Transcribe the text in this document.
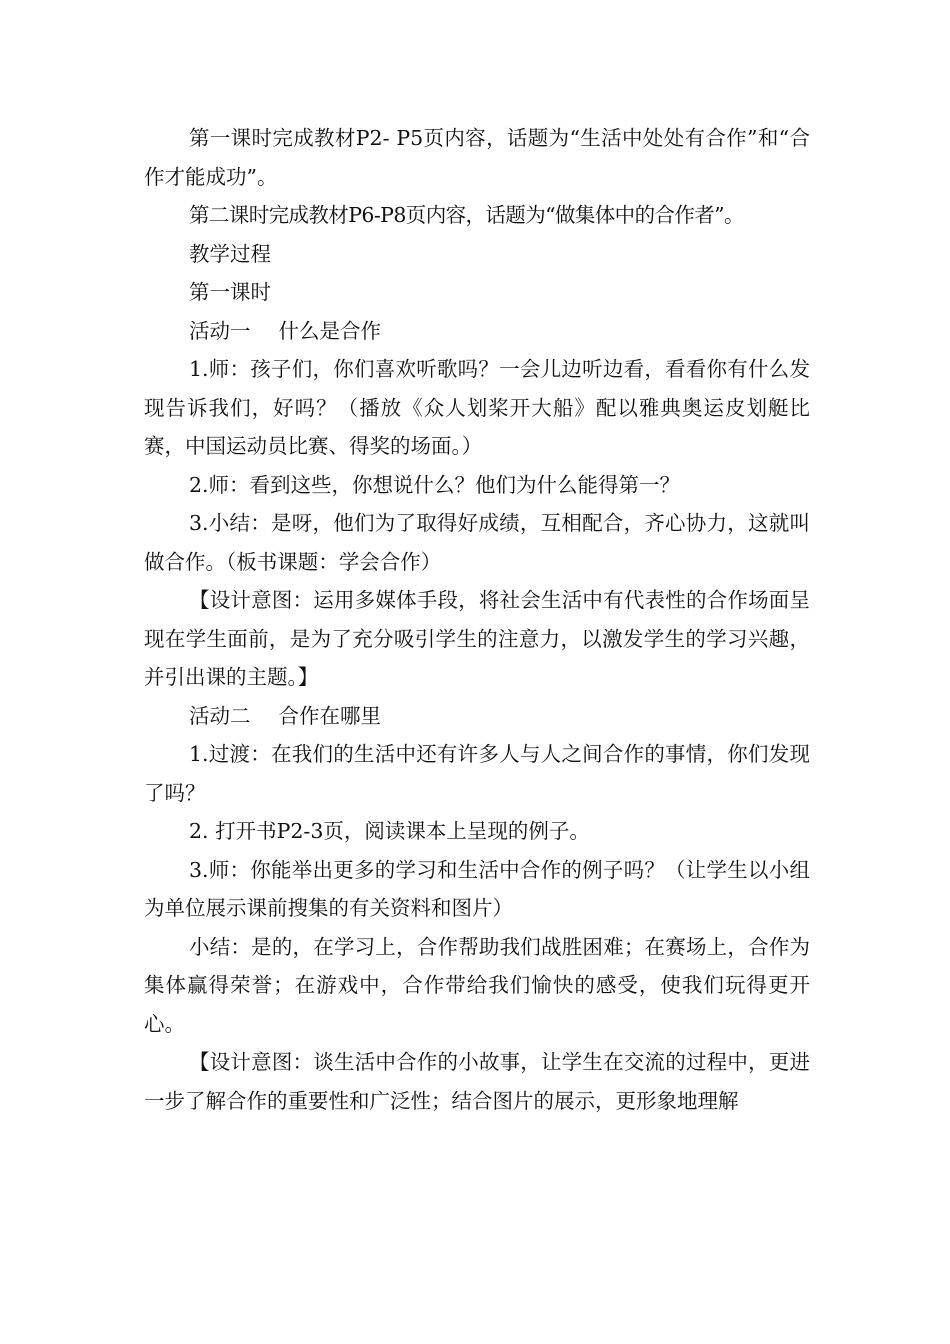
第一课时完成教材P2- P5页内容，话题为“生活中处处有合作”和“合作才能成功”。

第二课时完成教材P6-P8页内容，话题为“做集体中的合作者”。

教学过程

第一课时

活动一 什么是合作

1.师：孩子们，你们喜欢听歌吗？一会儿边听边看，看看你有什么发现告诉我们，好吗？（播放《众人划桨开大船》配以雅典奥运皮划艇比赛，中国运动员比赛、得奖的场面。）

2.师：看到这些，你想说什么？他们为什么能得第一？

3.小结：是呀，他们为了取得好成绩，互相配合，齐心协力，这就叫做合作。（板书课题：学会合作）

【设计意图：运用多媒体手段，将社会生活中有代表性的合作场面呈现在学生面前，是为了充分吸引学生的注意力，以激发学生的学习兴趣，并引出课的主题。】

活动二 合作在哪里

1.过渡：在我们的生活中还有许多人与人之间合作的事情，你们发现了吗？

2. 打开书P2-3页，阅读课本上呈现的例子。

3.师：你能举出更多的学习和生活中合作的例子吗？（让学生以小组为单位展示课前搜集的有关资料和图片）

小结：是的，在学习上，合作帮助我们战胜困难；在赛场上，合作为集体赢得荣誉；在游戏中，合作带给我们愉快的感受，使我们玩得更开心。

【设计意图：谈生活中合作的小故事，让学生在交流的过程中，更进一步了解合作的重要性和广泛性；结合图片的展示，更形象地理解
